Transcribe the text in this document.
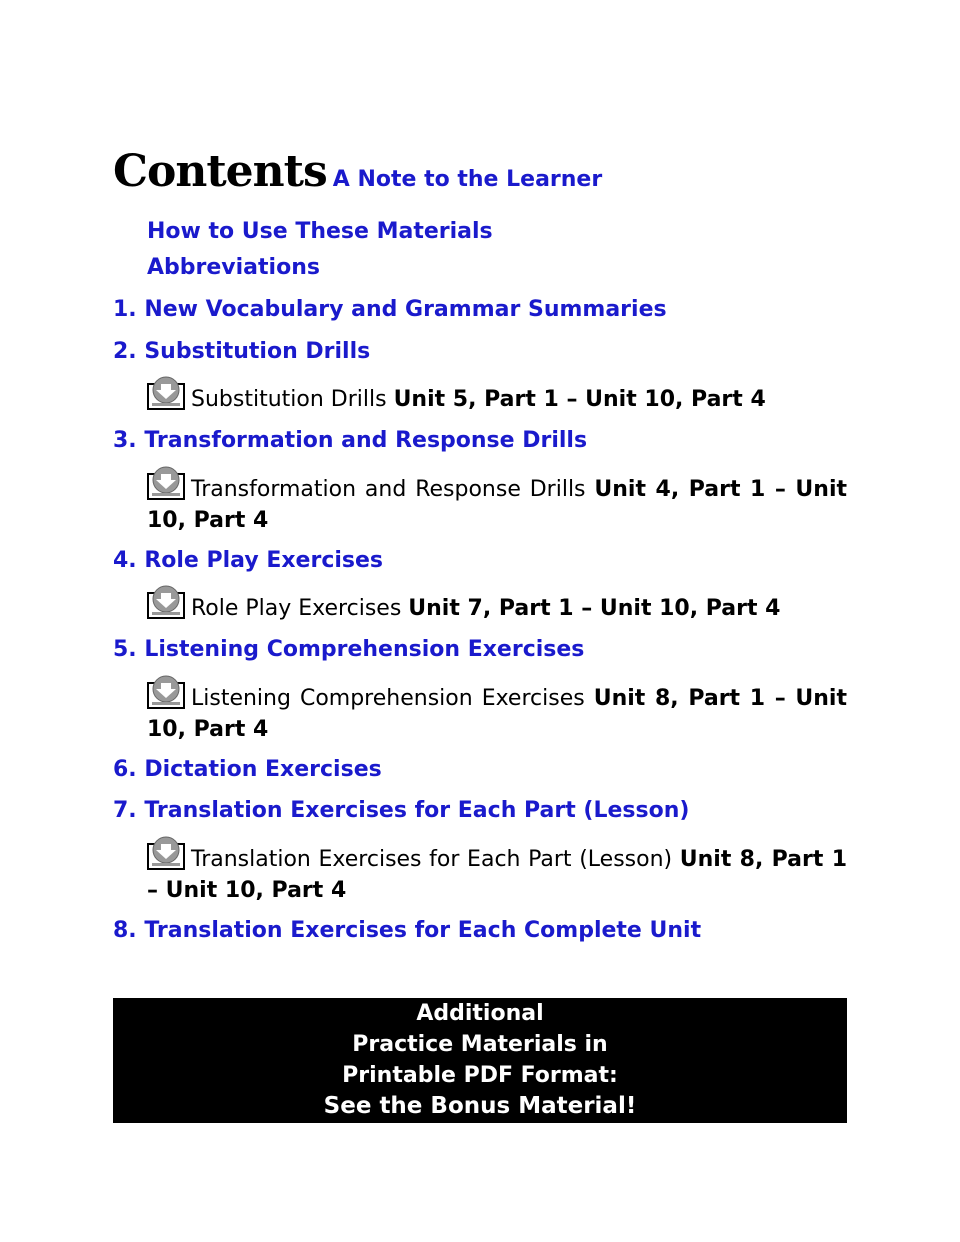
Contents A Note to the Learner
How to Use These Materials
Abbreviations
1. New Vocabulary and Grammar Summaries
2. Substitution Drills
Substitution Drills Unit 5, Part 1 – Unit 10, Part 4
3. Transformation and Response Drills
Transformation and Response Drills Unit 4, Part 1 – Unit 10, Part 4
4. Role Play Exercises
Role Play Exercises Unit 7, Part 1 – Unit 10, Part 4
5. Listening Comprehension Exercises
Listening Comprehension Exercises Unit 8, Part 1 – Unit 10, Part 4
6. Dictation Exercises
7. Translation Exercises for Each Part (Lesson)
Translation Exercises for Each Part (Lesson) Unit 8, Part 1 – Unit 10, Part 4
8. Translation Exercises for Each Complete Unit
Additional
Practice Materials in
Printable PDF Format:
See the Bonus Material!
